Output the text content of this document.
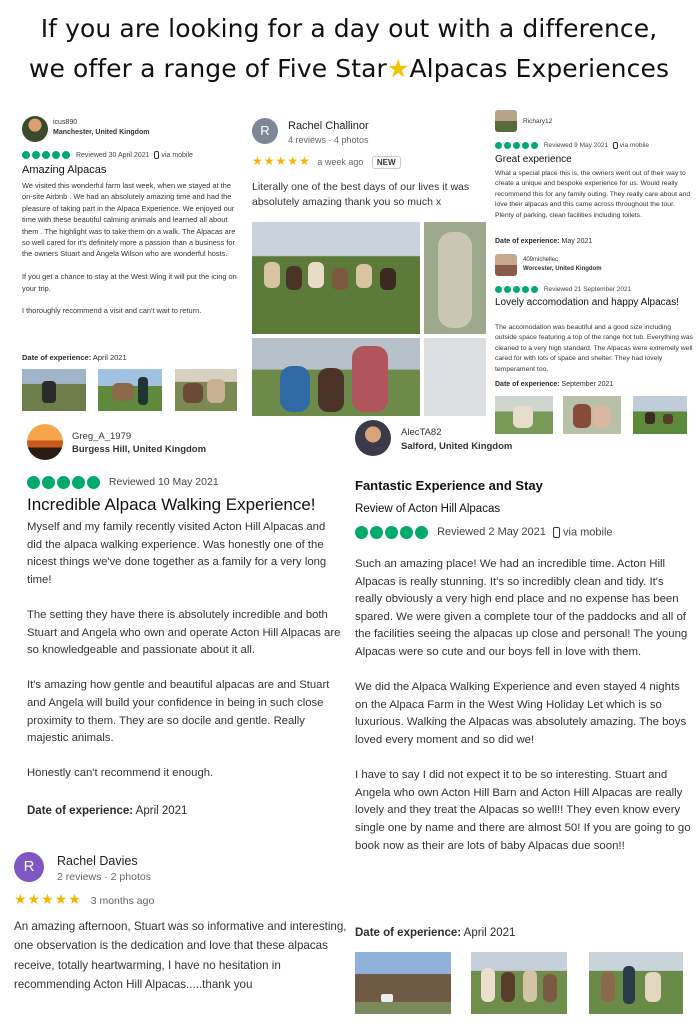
If you are looking for a day out with a difference,
we offer a range of Five Star★Alpacas Experiences
icus890
Manchester, United Kingdom
Reviewed 30 April 2021 via mobile
Amazing Alpacas
We visited this wonderful farm last week, when we stayed at the on-site Airbnb . We had an absolutely amazing time and had the pleasure of taking part in the Alpaca Experience. We enjoyed our time with these beautiful calming animals and learned all about them . The highlight was to take them on a walk. The Alpacas are so well cared for it's definitely more a passion than a business for the owners Stuart and Angela Wilson who are wonderful hosts.

If you get a chance to stay at the West Wing it will put the icing on your trip.

I thoroughly recommend a visit and can't wait to return.
Date of experience: April 2021
R	Rachel Challinor
4 reviews · 4 photos
★★★★★ a week ago NEW
Literally one of the best days of our lives it was absolutely amazing thank you so much x
Richary12
Reviewed 9 May 2021 via mobile
Great experience
What a special place this is, the owners went out of their way to create a unique and bespoke experience for us. Would really recommend this for any family outing. They really care about and love their alpacas and this came across throughout the tour. Plenty of parking, clean facilities including toilets.
Date of experience: May 2021
409michellec
Worcester, United Kingdom
Reviewed 21 September 2021
Lovely accomodation and happy Alpacas!
The accomodation was beautiful and a good size including outside space featuring a top of the range hot tub. Everything was cleaned to a very high standard. The Alpacas were extremely well cared for with lots of space and shelter. They had lovely temperament too.
Date of experience: September 2021
Greg_A_1979
Burgess Hill, United Kingdom
Reviewed 10 May 2021
Incredible Alpaca Walking Experience!
Myself and my family recently visited Acton Hill Alpacas and did the alpaca walking experience. Was honestly one of the nicest things we've done together as a family for a very long time!

The setting they have there is absolutely incredible and both Stuart and Angela who own and operate Acton Hill Alpacas are so knowledgeable and passionate about it all.

It's amazing how gentle and beautiful alpacas are and Stuart and Angela will build your confidence in being in such close proximity to them. They are so docile and gentle. Really majestic animals.

Honestly can't recommend it enough.
Date of experience: April 2021
AlecTA82
Salford, United Kingdom
Fantastic Experience and Stay
Review of Acton Hill Alpacas
Reviewed 2 May 2021 via mobile
Such an amazing place! We had an incredible time. Acton Hill Alpacas is really stunning. It's so incredibly clean and tidy. It's really obviously a very high end place and no expense has been spared. We were given a complete tour of the paddocks and all of the facilities seeing the alpacas up close and personal! The young Alpacas were so cute and our boys fell in love with them.

We did the Alpaca Walking Experience and even stayed 4 nights on the Alpaca Farm in the West Wing Holiday Let which is so luxurious. Walking the Alpacas was absolutely amazing. The boys loved every moment and so did we!

I have to say I did not expect it to be so interesting. Stuart and Angela who own Acton Hill Barn and Acton Hill Alpacas are really lovely and they treat the Alpacas so well!! They even know every single one by name and there are almost 50! If you are going to go book now as their are lots of baby Alpacas due soon!!
Date of experience: April 2021
R	Rachel Davies
2 reviews · 2 photos
★★★★★ 3 months ago
An amazing afternoon, Stuart was so informative and interesting, one observation is the dedication and love that these alpacas receive, totally heartwarming, I have no hesitation in recommending Acton Hill Alpacas.....thank you
